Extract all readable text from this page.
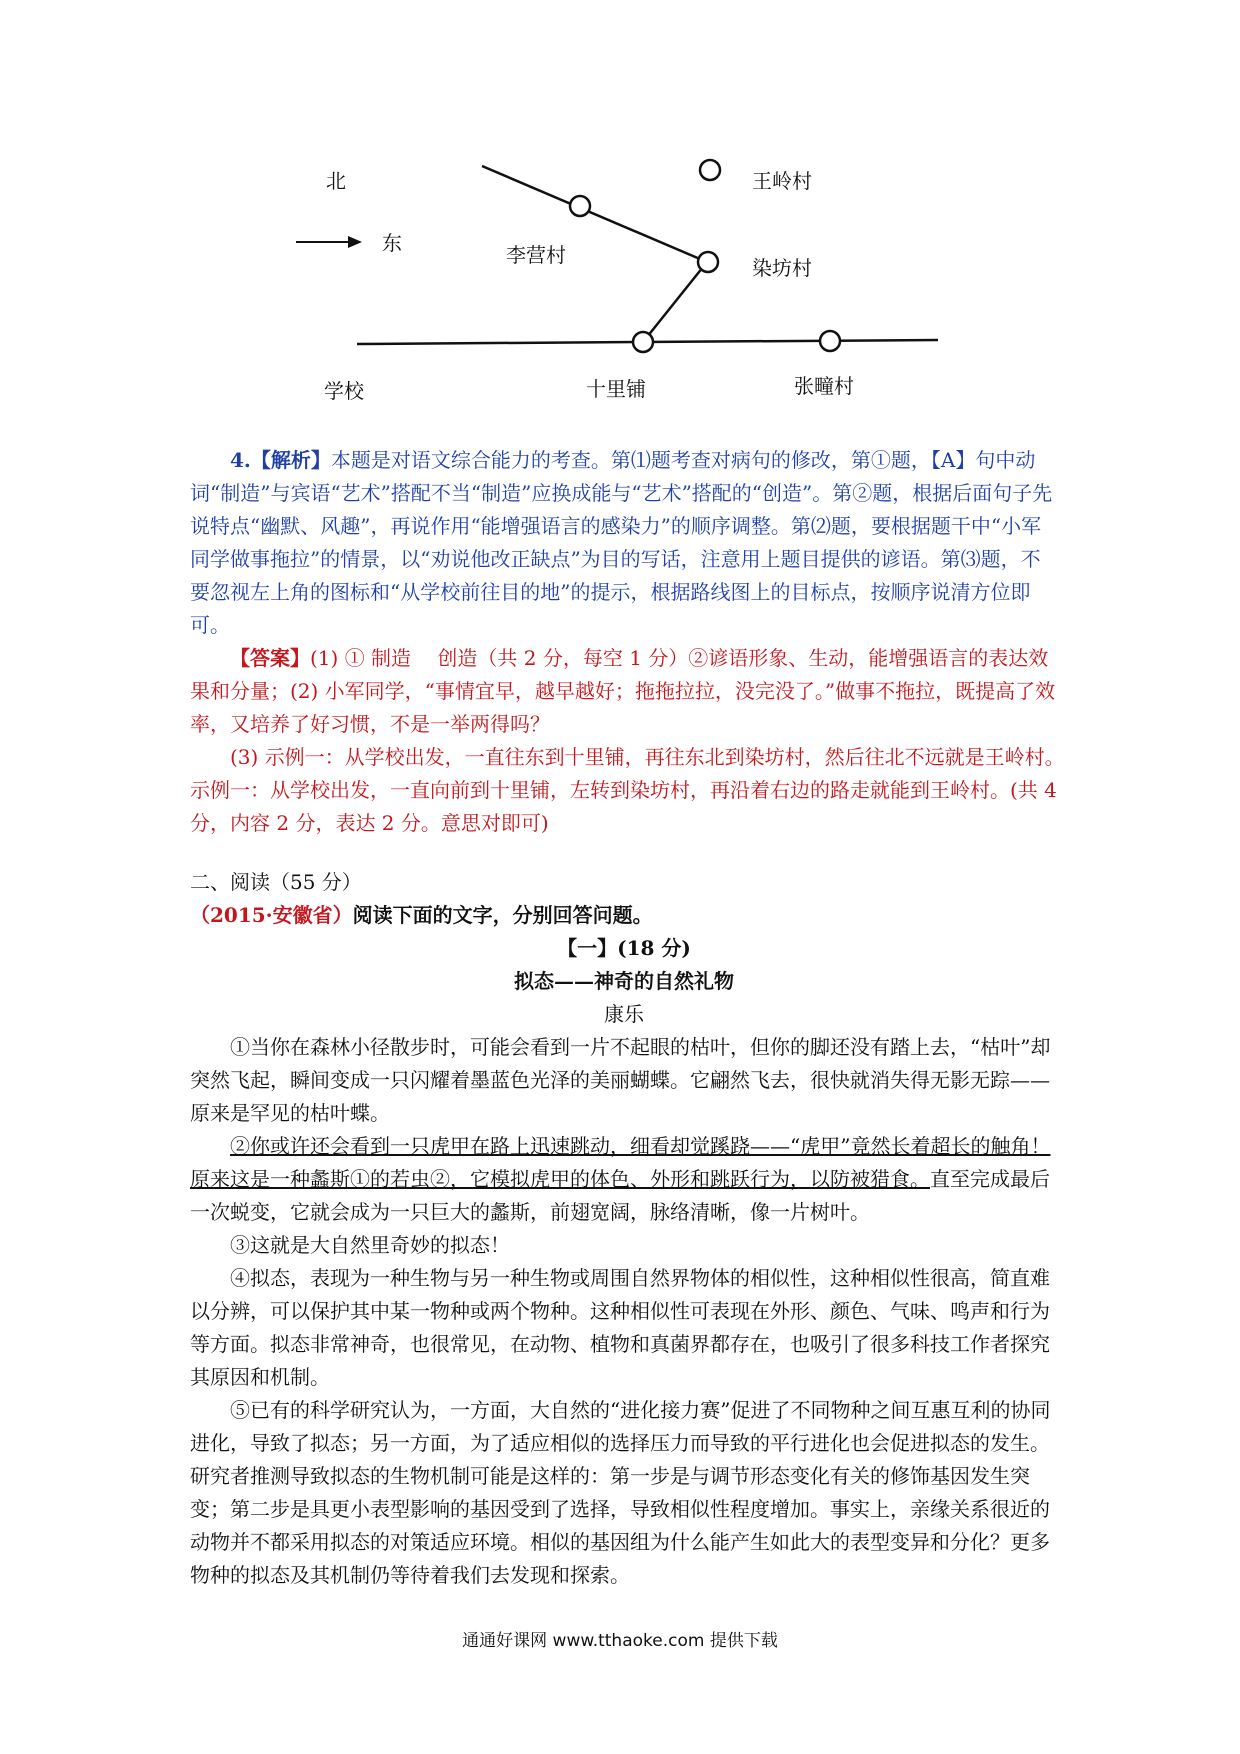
北
东
王岭村
李营村
染坊村
学校	十里铺	张疃村

4.【解析】本题是对语文综合能力的考查。第⑴题考查对病句的修改，第①题，【A】句中动词“制造”与宾语“艺术”搭配不当“制造”应换成能与“艺术”搭配的“创造”。第②题，根据后面句子先说特点“幽默、风趣”，再说作用“能增强语言的感染力”的顺序调整。第⑵题，要根据题干中“小军同学做事拖拉”的情景，以“劝说他改正缺点”为目的写话，注意用上题目提供的谚语。第⑶题，不要忽视左上角的图标和“从学校前往目的地”的提示，根据路线图上的目标点，按顺序说清方位即可。

【答案】(1) ① 制造　 创造（共 2 分，每空 1 分）②谚语形象、生动，能增强语言的表达效果和分量；(2) 小军同学，“事情宜早，越早越好；拖拖拉拉，没完没了。”做事不拖拉，既提高了效率，又培养了好习惯，不是一举两得吗？

(3) 示例一：从学校出发，一直往东到十里铺，再往东北到染坊村，然后往北不远就是王岭村。　示例一：从学校出发，一直向前到十里铺，左转到染坊村，再沿着右边的路走就能到王岭村。(共 4 分，内容 2 分，表达 2 分。意思对即可)

二、阅读（55 分）
（2015·安徽省）阅读下面的文字，分别回答问题。
【一】(18 分)
拟态——神奇的自然礼物
康乐

①当你在森林小径散步时，可能会看到一片不起眼的枯叶，但你的脚还没有踏上去，“枯叶”却突然飞起，瞬间变成一只闪耀着墨蓝色光泽的美丽蝴蝶。它翩然飞去，很快就消失得无影无踪——原来是罕见的枯叶蝶。

②你或许还会看到一只虎甲在路上迅速跳动，细看却觉蹊跷——“虎甲”竟然长着超长的触角！原来这是一种蠡斯①的若虫②，它模拟虎甲的体色、外形和跳跃行为，以防被猎食。直至完成最后一次蜕变，它就会成为一只巨大的蠡斯，前翅宽阔，脉络清晰，像一片树叶。

③这就是大自然里奇妙的拟态！

④拟态，表现为一种生物与另一种生物或周围自然界物体的相似性，这种相似性很高，简直难以分辨，可以保护其中某一物种或两个物种。这种相似性可表现在外形、颜色、气味、鸣声和行为等方面。拟态非常神奇，也很常见，在动物、植物和真菌界都存在，也吸引了很多科技工作者探究其原因和机制。

⑤已有的科学研究认为，一方面，大自然的“进化接力赛”促进了不同物种之间互惠互利的协同进化，导致了拟态；另一方面，为了适应相似的选择压力而导致的平行进化也会促进拟态的发生。研究者推测导致拟态的生物机制可能是这样的：第一步是与调节形态变化有关的修饰基因发生突变；第二步是具更小表型影响的基因受到了选择，导致相似性程度增加。事实上，亲缘关系很近的动物并不都采用拟态的对策适应环境。相似的基因组为什么能产生如此大的表型变异和分化？更多物种的拟态及其机制仍等待着我们去发现和探索。

通通好课网 www.tthaoke.com 提供下载
